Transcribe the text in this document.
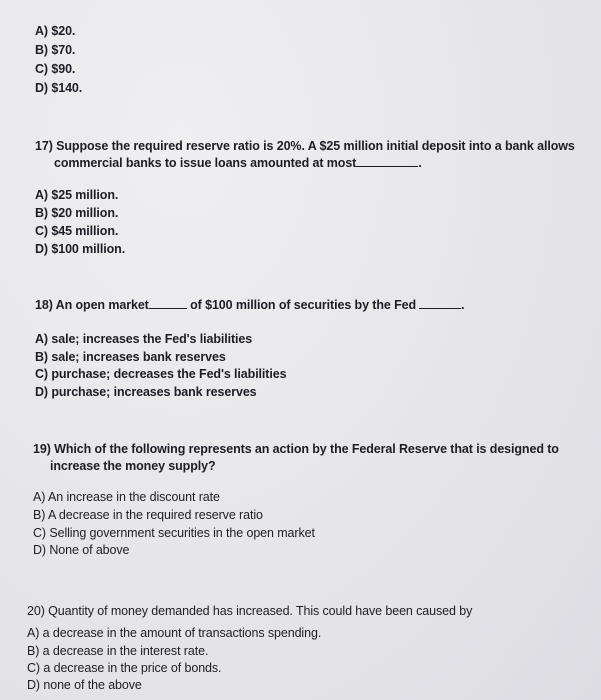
A) $20.
B) $70.
C) $90.
D) $140.
17) Suppose the required reserve ratio is 20%. A $25 million initial deposit into a bank allows
commercial banks to issue loans amounted at most	.
A) $25 million.
B) $20 million.
C) $45 million.
D) $100 million.
18) An open market	of $100 million of securities by the Fed	.
A) sale; increases the Fed's liabilities
B) sale; increases bank reserves
C) purchase; decreases the Fed's liabilities
D) purchase; increases bank reserves
19) Which of the following represents an action by the Federal Reserve that is designed to
increase the money supply?
A) An increase in the discount rate
B) A decrease in the required reserve ratio
C) Selling government securities in the open market
D) None of above
20) Quantity of money demanded has increased. This could have been caused by
A) a decrease in the amount of transactions spending.
B) a decrease in the interest rate.
C) a decrease in the price of bonds.
D) none of the above
